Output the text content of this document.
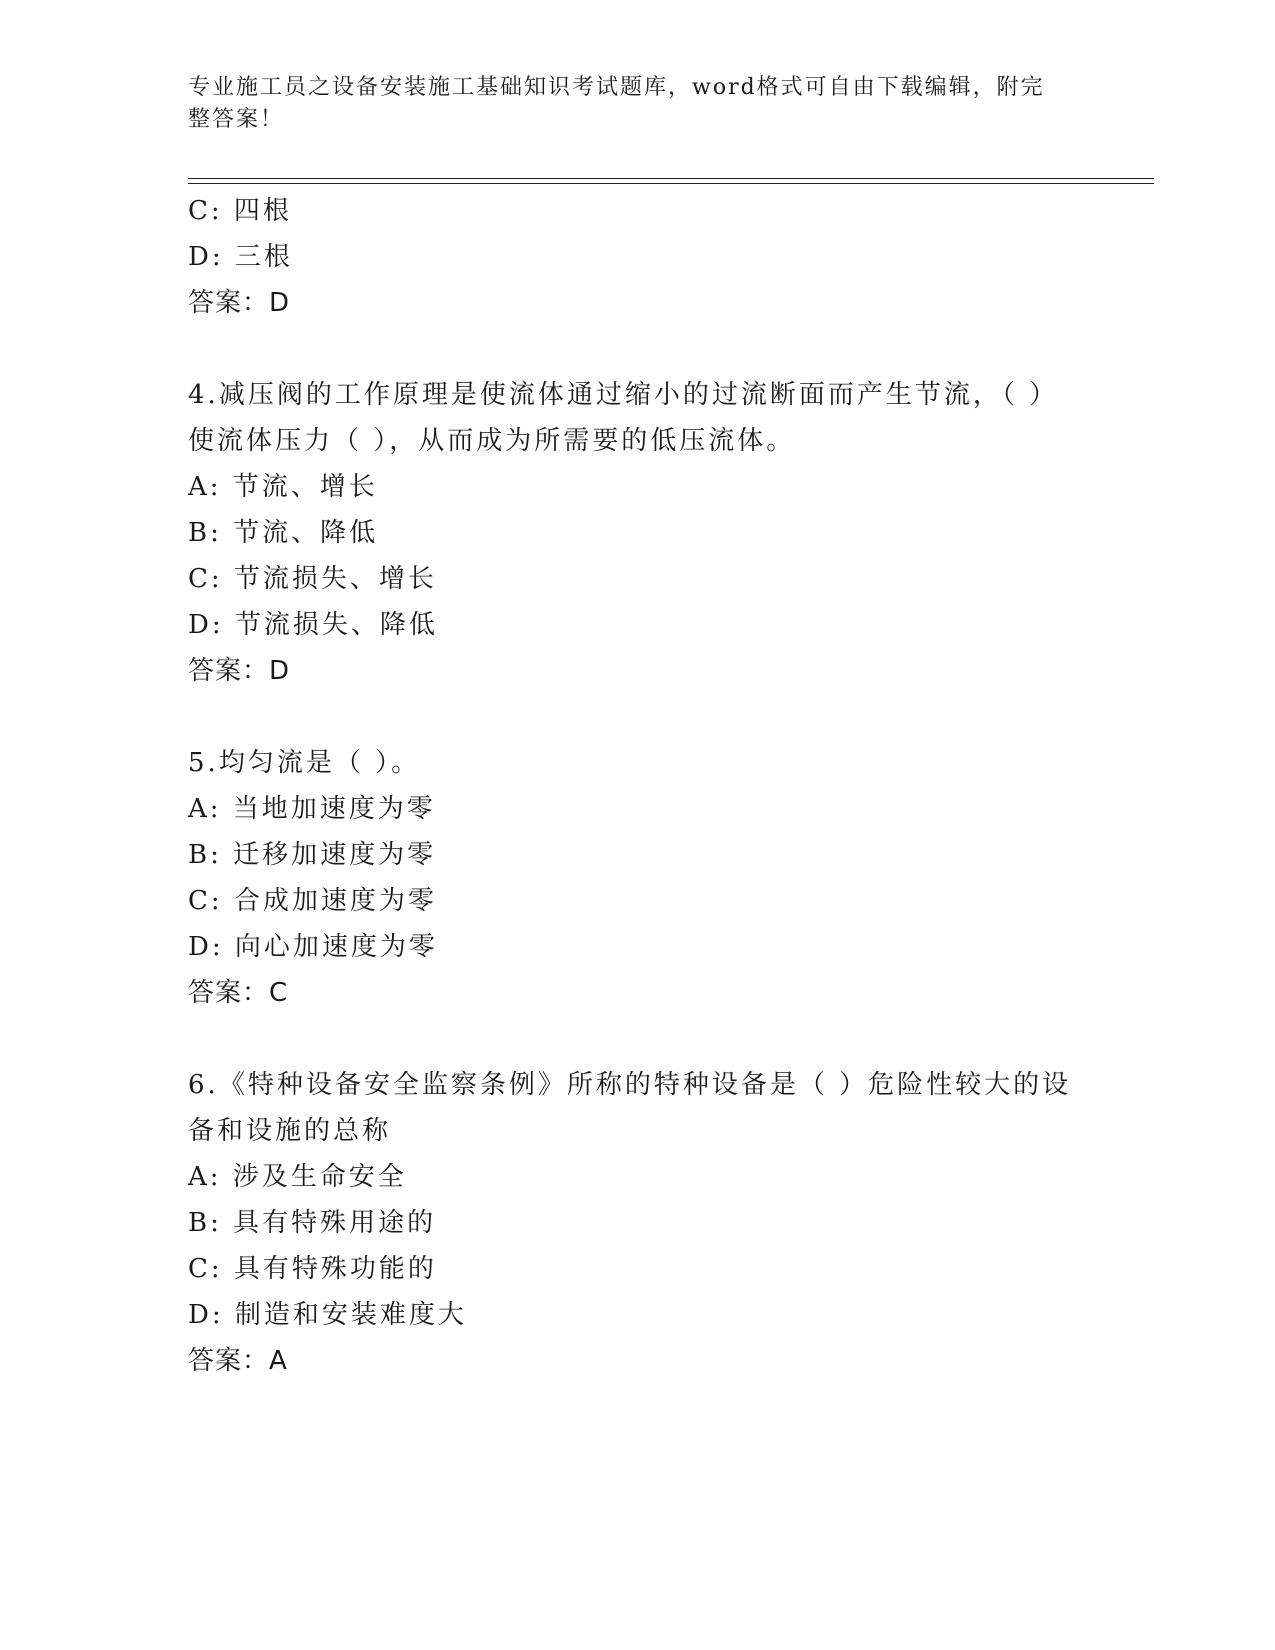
专业施工员之设备安装施工基础知识考试题库，word格式可自由下载编辑，附完整答案！
C: 四根
D: 三根
答案：D
4.减压阀的工作原理是使流体通过缩小的过流断面而产生节流，（ ）
使流体压力（ ），从而成为所需要的低压流体。
A: 节流、增长
B: 节流、降低
C: 节流损失、增长
D: 节流损失、降低
答案：D
5.均匀流是（ ）。
A: 当地加速度为零
B: 迁移加速度为零
C: 合成加速度为零
D: 向心加速度为零
答案：C
6.《特种设备安全监察条例》所称的特种设备是（ ）危险性较大的设
备和设施的总称
A: 涉及生命安全
B: 具有特殊用途的
C: 具有特殊功能的
D: 制造和安装难度大
答案：A
